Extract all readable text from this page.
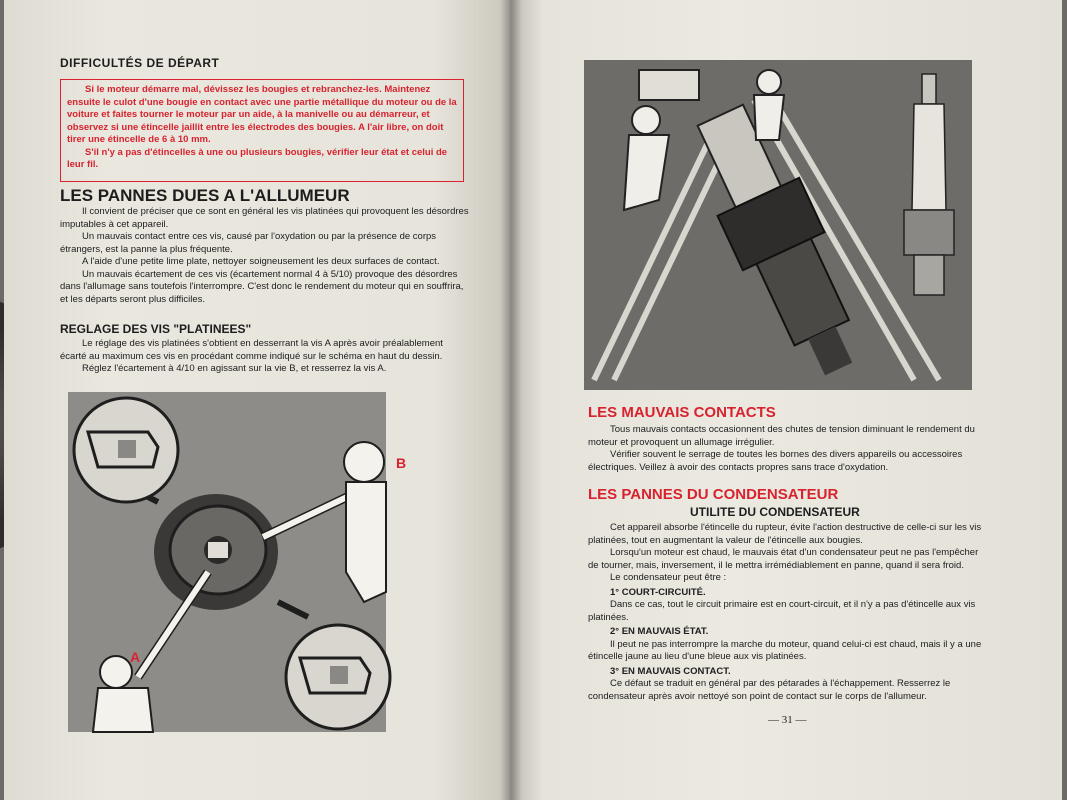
DIFFICULTÉS DE DÉPART

Si le moteur démarre mal, dévissez les bougies et rebranchez-les. Maintenez ensuite le culot d'une bougie en contact avec une partie métallique du moteur ou de la voiture et faites tourner le moteur par un aide, à la manivelle ou au démarreur, et observez si une étincelle jaillit entre les électrodes des bougies. A l'air libre, on doit tirer une étincelle de 6 à 10 mm.

S'il n'y a pas d'étincelles à une ou plusieurs bougies, vérifier leur état et celui de leur fil.

LES PANNES DUES A L'ALLUMEUR

Il convient de préciser que ce sont en général les vis platinées qui provoquent les désordres imputables à cet appareil.

Un mauvais contact entre ces vis, causé par l'oxydation ou par la présence de corps étrangers, est la panne la plus fréquente.

A l'aide d'une petite lime plate, nettoyer soigneusement les deux surfaces de contact.

Un mauvais écartement de ces vis (écartement normal 4 à 5/10) provoque des désordres dans l'allumage sans toutefois l'interrompre. C'est donc le rendement du moteur qui en souffrira, et les départs seront plus difficiles.

REGLAGE DES VIS "PLATINEES"

Le réglage des vis platinées s'obtient en desserrant la vis A après avoir préalablement écarté au maximum ces vis en procédant comme indiqué sur le schéma en haut du dessin.

Réglez l'écartement à 4/10 en agissant sur la vie B, et resserrez la vis A.

B
A
LES MAUVAIS CONTACTS

Tous mauvais contacts occasionnent des chutes de tension diminuant le rendement du moteur et provoquent un allumage irrégulier.

Vérifier souvent le serrage de toutes les bornes des divers appareils ou accessoires électriques. Veillez à avoir des contacts propres sans trace d'oxydation.

LES PANNES DU CONDENSATEUR
UTILITE DU CONDENSATEUR

Cet appareil absorbe l'étincelle du rupteur, évite l'action destructive de celle-ci sur les vis platinées, tout en augmentant la valeur de l'étincelle aux bougies.

Lorsqu'un moteur est chaud, le mauvais état d'un condensateur peut ne pas l'empêcher de tourner, mais, inversement, il le mettra irrémédiablement en panne, quand il sera froid.

Le condensateur peut être :

1° COURT-CIRCUITÉ.

Dans ce cas, tout le circuit primaire est en court-circuit, et il n'y a pas d'étincelle aux vis platinées.

2° EN MAUVAIS ÉTAT.

Il peut ne pas interrompre la marche du moteur, quand celui-ci est chaud, mais il y a une étincelle jaune au lieu d'une bleue aux vis platinées.

3° EN MAUVAIS CONTACT.

Ce défaut se traduit en général par des pétarades à l'échappement. Resserrez le condensateur après avoir nettoyé son point de contact sur le corps de l'allumeur.

— 31 —
